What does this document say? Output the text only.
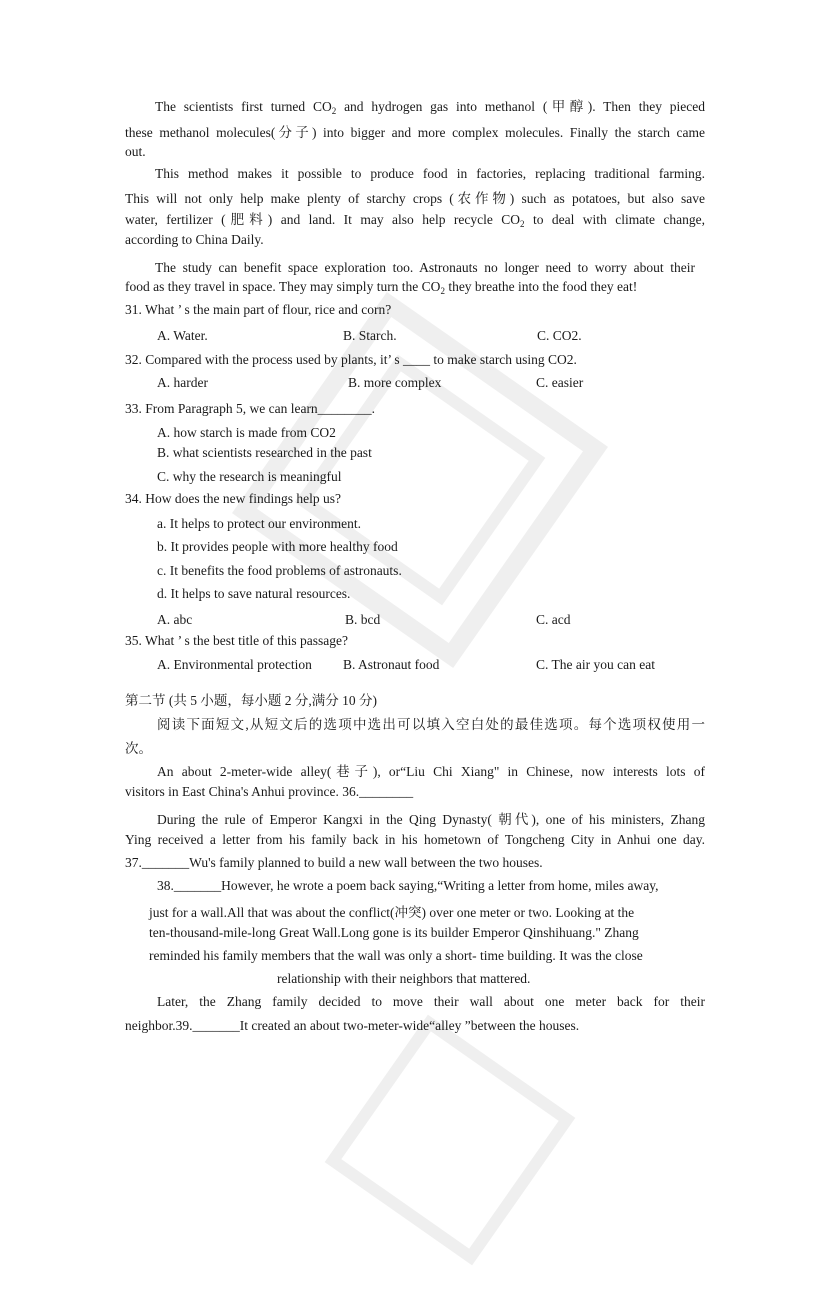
The scientists first turned $CO_2$ and hydrogen gas into methanol (甲醇). Then they pieced
these methanol molecules(分子) into bigger and more complex molecules. Finally the starch came
out.
This method makes it possible to produce food in factories, replacing traditional farming.
This will not only help make plenty of starchy crops (农作物) such as potatoes, but also save
water, fertilizer (肥料) and land. It may also help recycle $CO_2$ to deal with climate change,
according to China Daily.
The study can benefit space exploration too. Astronauts no longer need to worry about their
food as they travel in space. They may simply turn the $CO_2$ they breathe into the food they eat!
31. What ’ s the main part of flour, rice and corn?
A. Water.	B. Starch.	C. CO2.
32. Compared with the process used by plants, it’ s ____ to make starch using CO2.
A. harder	B. more complex	C. easier
33. From Paragraph 5, we can learn________.
A. how starch is made from CO2
B. what scientists researched in the past
C. why the research is meaningful
34. How does the new findings help us?
a. It helps to protect our environment.
b. It provides people with more healthy food
c. It benefits the food problems of astronauts.
d. It helps to save natural resources.
A. abc	B. bcd	C. acd
35. What ’ s the best title of this passage?
A. Environmental protection B. Astronaut food	C. The air you can eat
第二节 (共 5 小题，每小题 2 分,满分 10 分)
阅读下面短文,从短文后的选项中选出可以填入空白处的最佳选项。每个选项权使用一
次。
An about 2-meter-wide alley(巷子), or“Liu Chi Xiang" in Chinese, now interests lots of
visitors in East China's Anhui province. 36.________
During the rule of Emperor Kangxi in the Qing Dynasty( 朝代), one of his ministers, Zhang
Ying received a letter from his family back in his hometown of Tongcheng City in Anhui one day.
37._______Wu's family planned to build a new wall between the two houses.
38._______However, he wrote a poem back saying,“Writing a letter from home, miles away,
just for a wall.All that was about the conflict(冲突) over one meter or two. Looking at the
ten-thousand-mile-long Great Wall.Long gone is its builder Emperor Qinshihuang." Zhang
reminded his family members that the wall was only a short- time building. It was the close
relationship with their neighbors that mattered.
Later, the Zhang family decided to move their wall about one meter back for their
neighbor.39._______It created an about two-meter-wide“alley ”between the houses.
